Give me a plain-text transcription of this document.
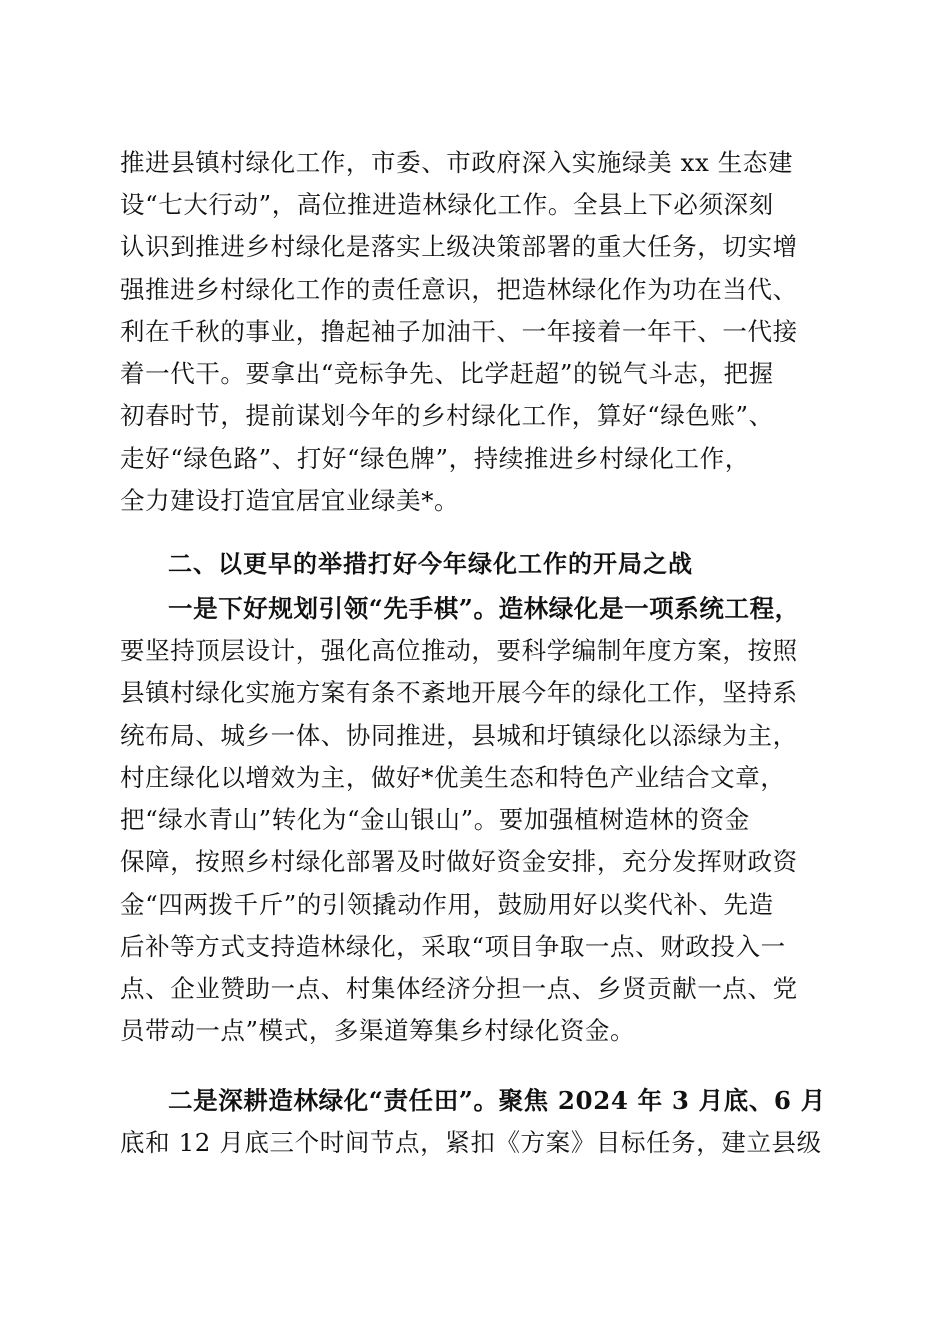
推进县镇村绿化工作，市委、市政府深入实施绿美 xx 生态建
设“七大行动”，高位推进造林绿化工作。全县上下必须深刻
认识到推进乡村绿化是落实上级决策部署的重大任务，切实增
强推进乡村绿化工作的责任意识，把造林绿化作为功在当代、
利在千秋的事业，撸起袖子加油干、一年接着一年干、一代接
着一代干。要拿出“竞标争先、比学赶超”的锐气斗志，把握
初春时节，提前谋划今年的乡村绿化工作，算好“绿色账”、
走好“绿色路”、打好“绿色牌”，持续推进乡村绿化工作，
全力建设打造宜居宜业绿美*。
二、以更早的举措打好今年绿化工作的开局之战
一是下好规划引领“先手棋”。造林绿化是一项系统工程，
要坚持顶层设计，强化高位推动，要科学编制年度方案，按照
县镇村绿化实施方案有条不紊地开展今年的绿化工作，坚持系
统布局、城乡一体、协同推进，县城和圩镇绿化以添绿为主，
村庄绿化以增效为主，做好*优美生态和特色产业结合文章，
把“绿水青山”转化为“金山银山”。要加强植树造林的资金
保障，按照乡村绿化部署及时做好资金安排，充分发挥财政资
金“四两拨千斤”的引领撬动作用，鼓励用好以奖代补、先造
后补等方式支持造林绿化，采取“项目争取一点、财政投入一
点、企业赞助一点、村集体经济分担一点、乡贤贡献一点、党
员带动一点”模式，多渠道筹集乡村绿化资金。
二是深耕造林绿化“责任田”。聚焦 2024 年 3 月底、6 月
底和 12 月底三个时间节点，紧扣《方案》目标任务，建立县级
